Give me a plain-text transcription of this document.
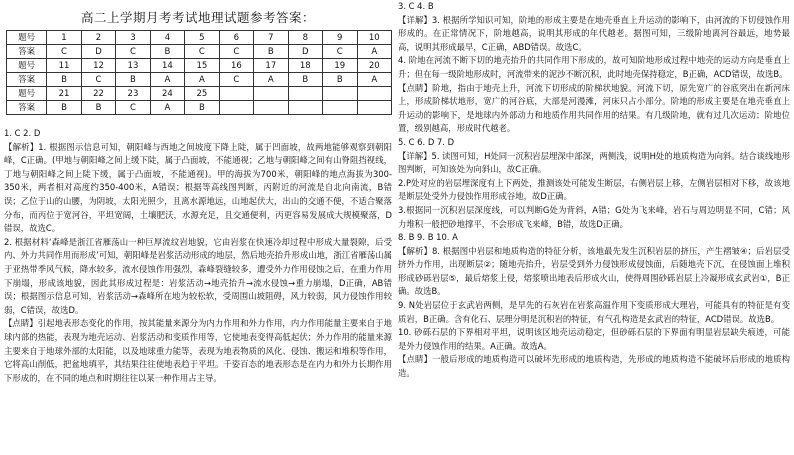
高二上学期月考考试地理试题参考答案：
题号	1	2	3	4	5	6	7	8	9	10
答案	C	D	C	B	C	C	B	D	C	A
题号	11	12	13	14	15	16	17	18	19	20
答案	B	C	B	A	A	C	A	B	B	A
题号	21	22	23	24	25					
答案	B	B	C	A	B					

1. C 2. D

【解析】1. 根据图示信息可知，朝阳峰与西地之间坡度下降上陡，属于凹面坡，故两地能够观察到朝阳峰，C正确。(甲地与朝阳峰之间上缓下陡，属于凸面坡，不能通视；乙地与朝阳峰之间有山脊阻挡视线，丁地与朝阳峰之间上陡下缓，属于凸面坡，不能通视)。甲的海拔为700米，朝阳峰的地点海拔为300-350米，两者相对高度约350-400米，A错误；根据等高线图判断，丙附近的河流是自北向南流，B错误；乙位于山的山腰，为阴坡，太阳光照少，且离水源地远，山地起伏大，出山的交通不便，不适合聚落分布，而丙位于宽河谷，平坦宽阔，土壤肥沃，水源充足，且交通便利，丙更容易发展成大规模聚落，D错误，故选C。

2. 根据材料‘森峰是浙江省雁荡山一种巨厚流纹岩地貌，它由岩浆在快速冷却过程中形成大量裂隙，后受内、外力共同作用而形成’可知，朝阳峰是岩浆活动形成的地层，然后地壳抬升形成山地，浙江省雁荡山属于亚热带季风气候，降水较多，流水侵蚀作用强烈，森峰裂缝较多，遭受外力作用侵蚀之后，在重力作用下崩塌，形成该地貌，因此其形成过程是：岩浆活动→地壳抬升→流水侵蚀→重力崩塌，D正确，AB错误；根据图示信息可知，岩浆活动→森峰所在地为较松软，受周围山坡阻碍，风力较弱，风力侵蚀作用较弱，C错误，故选D。

【点睛】引起地表形态变化的作用，按其能量来源分为内力作用和外力作用，内力作用能量主要来自于地球内部的热能，表现为地壳运动、岩浆活动和变质作用等，它使地表变得高低起伏；外力作用的能量来源主要来自于地球外部的太阳能，以及地球重力能等，表现为地表物质的风化、侵蚀、搬运和堆积等作用，它将高山削低，把盆地填平，其结果往往使地表趋于平坦。千姿百态的地表形态是在内力和外力长期作用下形成的，在不同的地点和时期往往以某一种作用占主导。

3. C 4. B

【详解】3. 根据所学知识可知，阶地的形成主要是在地壳垂直上升运动的影响下，由河流的下切侵蚀作用形成的。在正常情况下，阶地越高，说明其形成的年代越老。据图可知，三级阶地离河谷最远，地势最高，说明其形成最早，C正确，ABD错误。故选C。

4. 阶地在河流不断下切的地壳抬升的共同作用下形成的，故可知阶地形成过程中地壳的运动方向是垂直上升；但在每一级阶地形成时，河流带来的泥沙不断沉积，此时地壳保持稳定，B正确，ACD错误，故选B。

【点睛】阶地，指由于地壳上升，河流下切形成的阶梯状地貌。河流下切，原先宽广的谷底突出在新河床上，形成阶梯状地形，宽广的河谷底，大部是河漫滩，河床只占小部分。阶地的形成主要是在地壳垂直上升运动的影响下，是地球内外部动力和地质作用共同作用的结果。有几级阶地，就有过几次运动；阶地位置，级别越高，形成时代越老。

5. C 6. D 7. D

【详解】5. 读图可知，H处同一沉积岩层埋深中部深，两侧浅，说明H处的地质构造为向斜。结合谈线地形图判断，可知该处为向斜山，故C正确。

2.P处对应的岩层埋深度有上下两处，推测该处可能发生断层，右侧岩层上移，左侧岩层相对下移，故该地是断层处受外力侵蚀作用形成谷地，故D正确。

3.根据同一沉积岩层深度线，可以判断G处为背斜，A错；G处为飞来峰，岩石与周边明显不同，C错；风力堆积一般把砂地撑平，不会形成飞来峰，B错，故选D正确。

8. B 9. B 10. A

【解析】8. 根据图中岩层和地质构造的特征分析，该地最先发生沉积岩层的挤压，产生褶皱④；后岩层受挤外力作用，出现断层②；随地壳抬升，岩层受到外力侵蚀形成侵蚀面，后随地壳下沉，在侵蚀面上堆积形成砂砾岩层⑤，最后熔浆上侵，熔浆喷出地表后形成火山，使得周围砂砾岩层上冷凝形成玄武岩①，B正确。故选B。

9. N处岩层位于玄武岩两侧，是早先的石灰岩在岩浆高温作用下变质形成大理岩，可能具有的特征是有变质岩，B正确。含有化石、层理分明是沉积岩的特征，有气孔构造是玄武岩的特征，ACD错误。故选B。

10. 砂砾石层的下界相对平坦，说明该区地壳运动稳定，但砂砾石层的下界面有明显岩层缺失痕迹，可能是外力侵蚀作用的结果。A正确。故选A。

【点睛】一般后形成的地质构造可以破坏先形成的地质构造，先形成的地质构造不能破坏后形成的地质构造。
